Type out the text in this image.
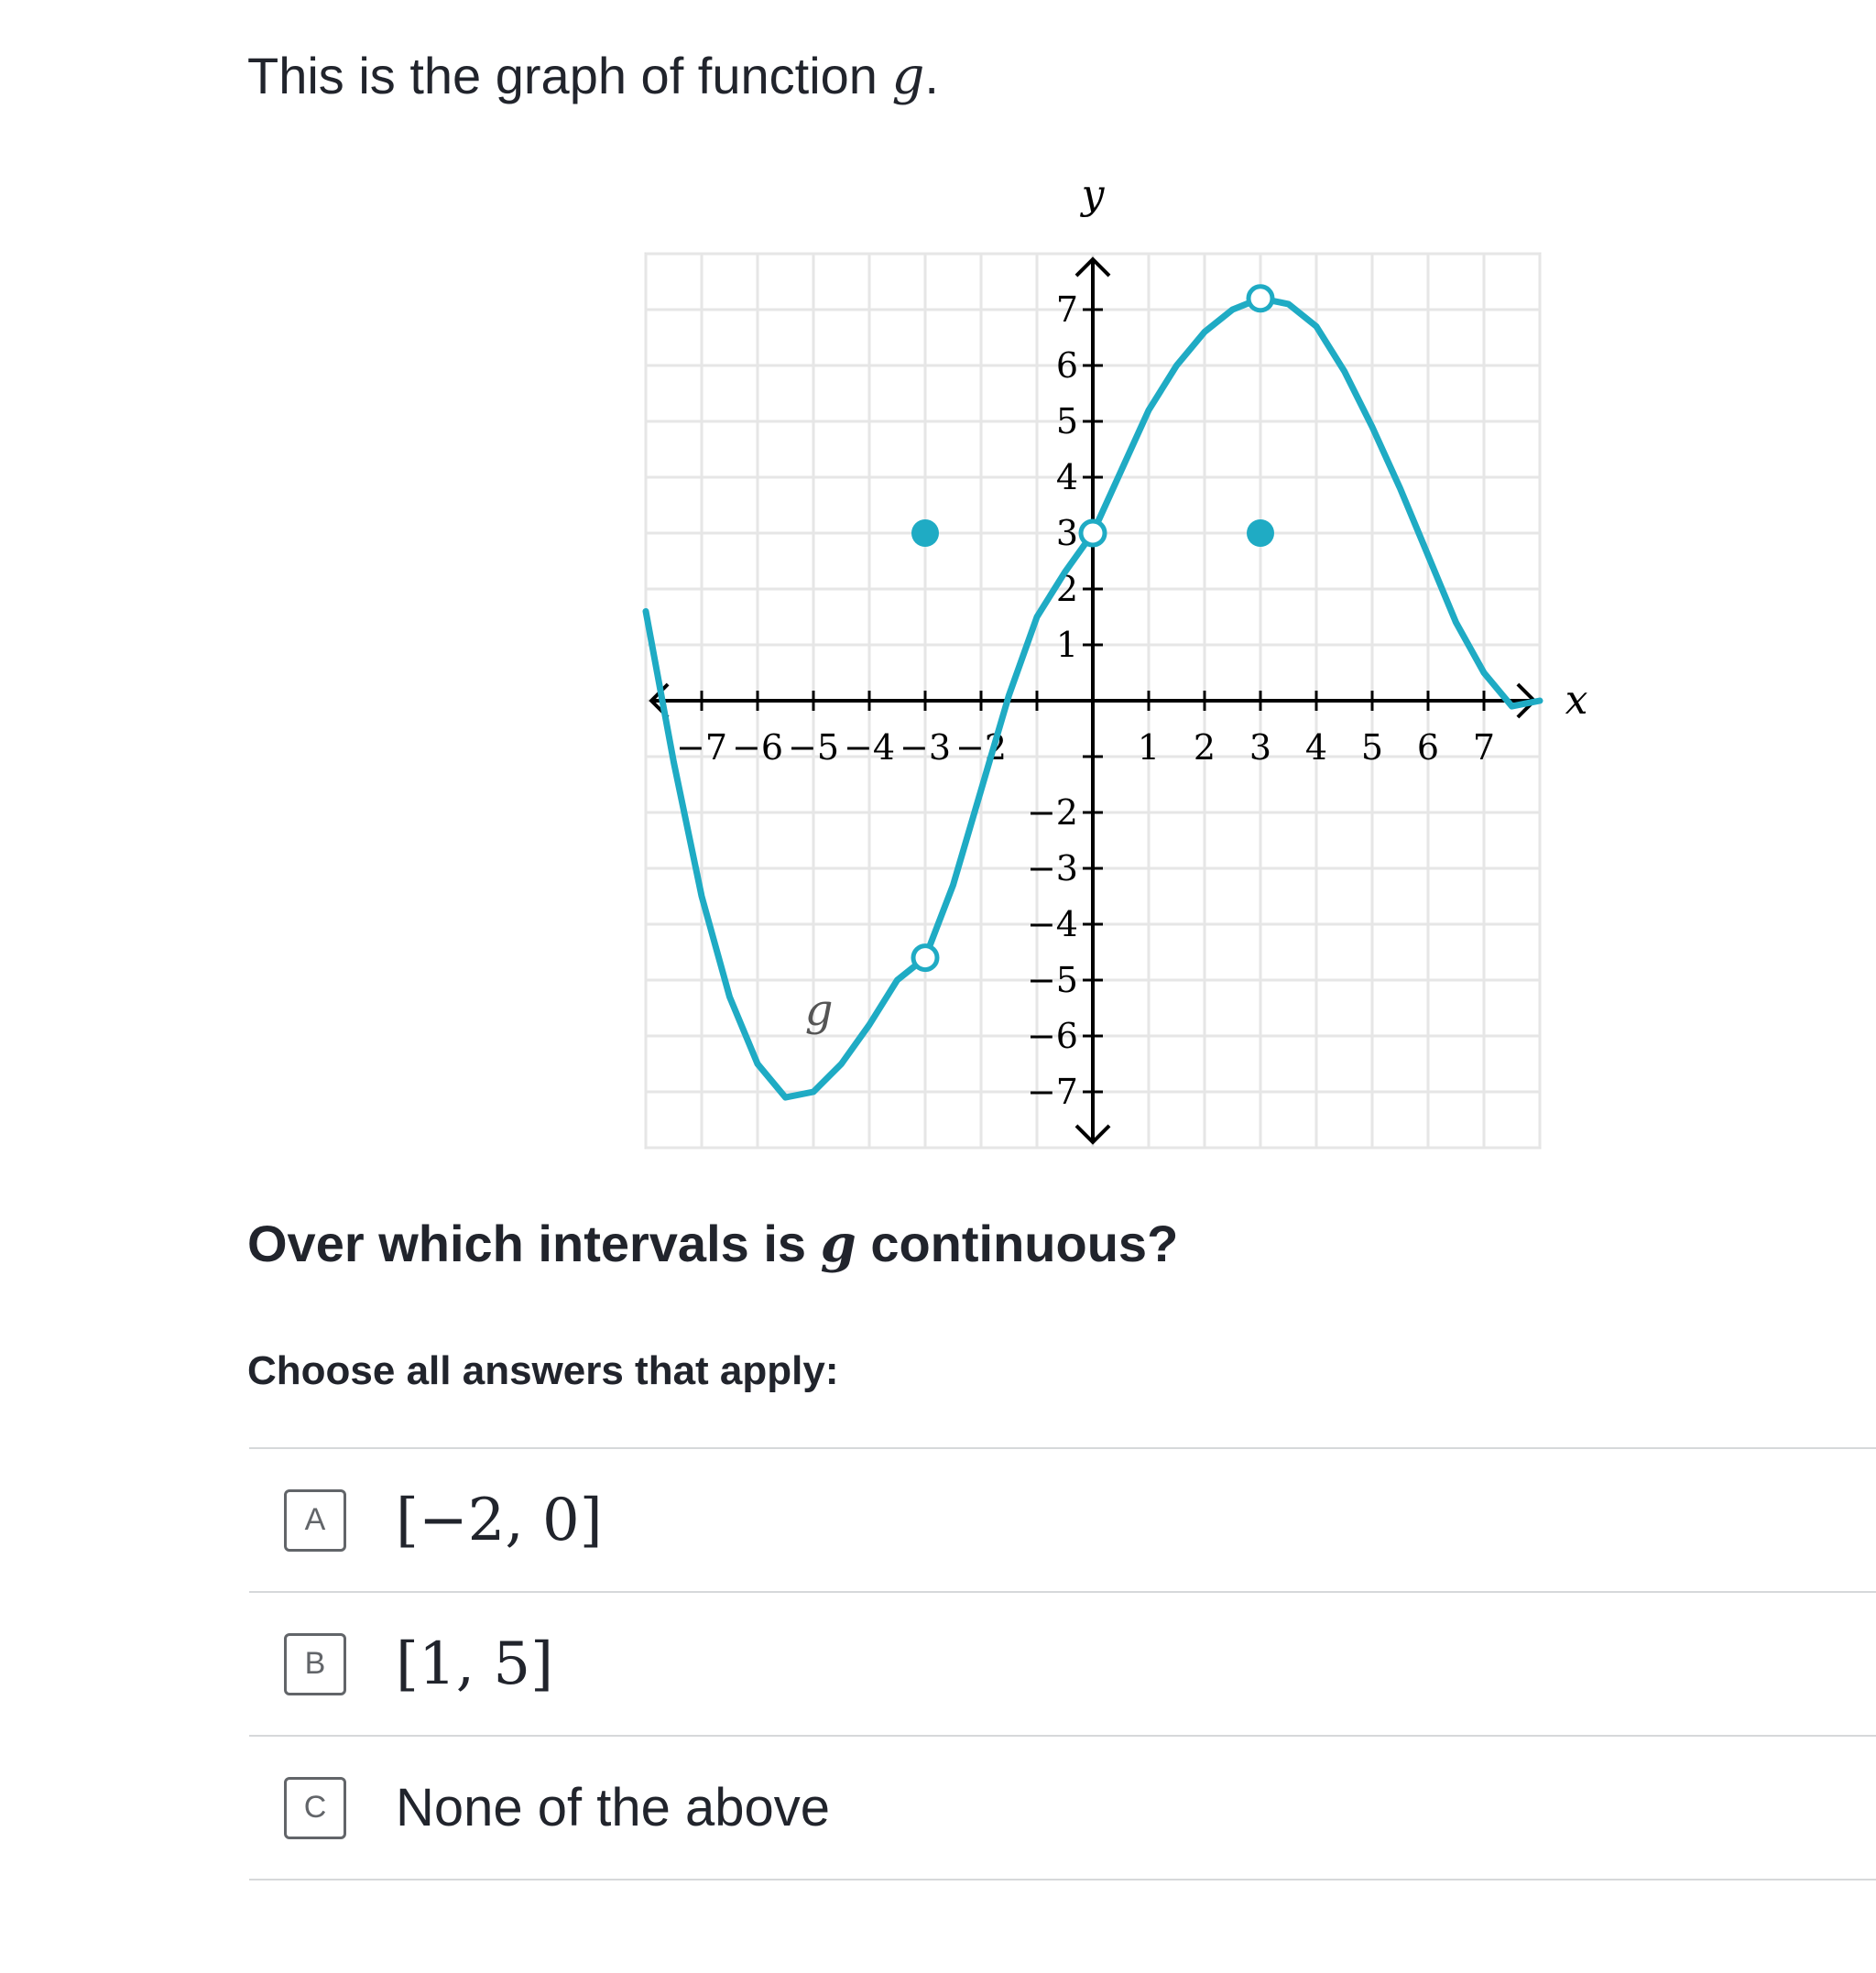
This is the graph of function g.

−7 −6 −5 −4 −3 −2	1 2 3 4 5 6 7
7
6
5
4
3
2
1
−2
−3
−4
−5
−6
−7
x
y
g

Over which intervals is g continuous?

Choose all answers that apply:

A	[−2, 0]
B	[1, 5]
C	None of the above
